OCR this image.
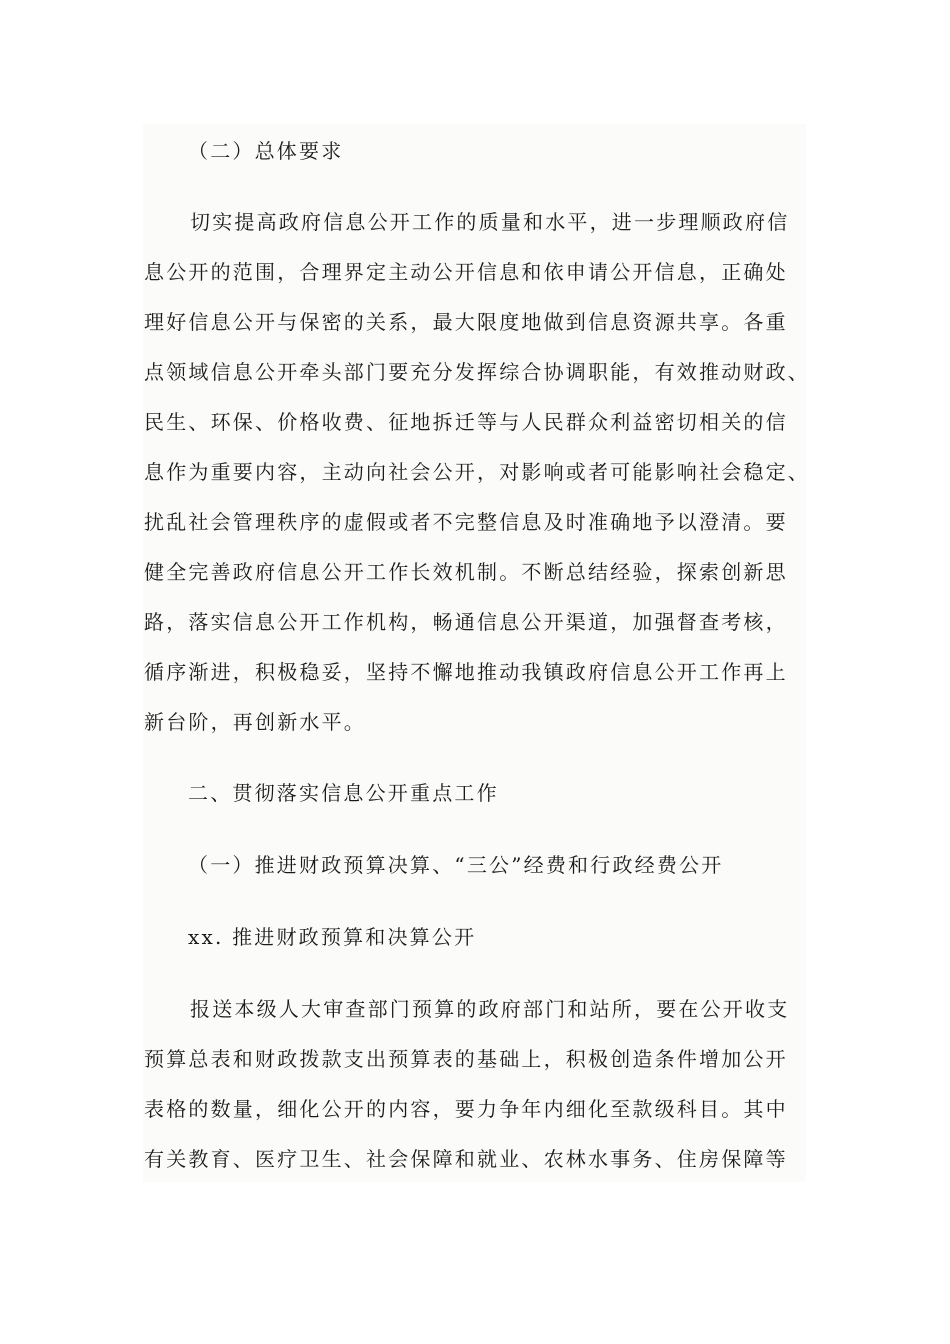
（二）总体要求
切实提高政府信息公开工作的质量和水平，进一步理顺政府信
息公开的范围，合理界定主动公开信息和依申请公开信息，正确处
理好信息公开与保密的关系，最大限度地做到信息资源共享。各重
点领域信息公开牵头部门要充分发挥综合协调职能，有效推动财政、
民生、环保、价格收费、征地拆迁等与人民群众利益密切相关的信
息作为重要内容，主动向社会公开，对影响或者可能影响社会稳定、
扰乱社会管理秩序的虚假或者不完整信息及时准确地予以澄清。要
健全完善政府信息公开工作长效机制。不断总结经验，探索创新思
路，落实信息公开工作机构，畅通信息公开渠道，加强督查考核，
循序渐进，积极稳妥，坚持不懈地推动我镇政府信息公开工作再上
新台阶，再创新水平。
二、贯彻落实信息公开重点工作
（一）推进财政预算决算、“三公”经费和行政经费公开
xx. 推进财政预算和决算公开
报送本级人大审查部门预算的政府部门和站所，要在公开收支
预算总表和财政拨款支出预算表的基础上，积极创造条件增加公开
表格的数量，细化公开的内容，要力争年内细化至款级科目。其中
有关教育、医疗卫生、社会保障和就业、农林水事务、住房保障等
